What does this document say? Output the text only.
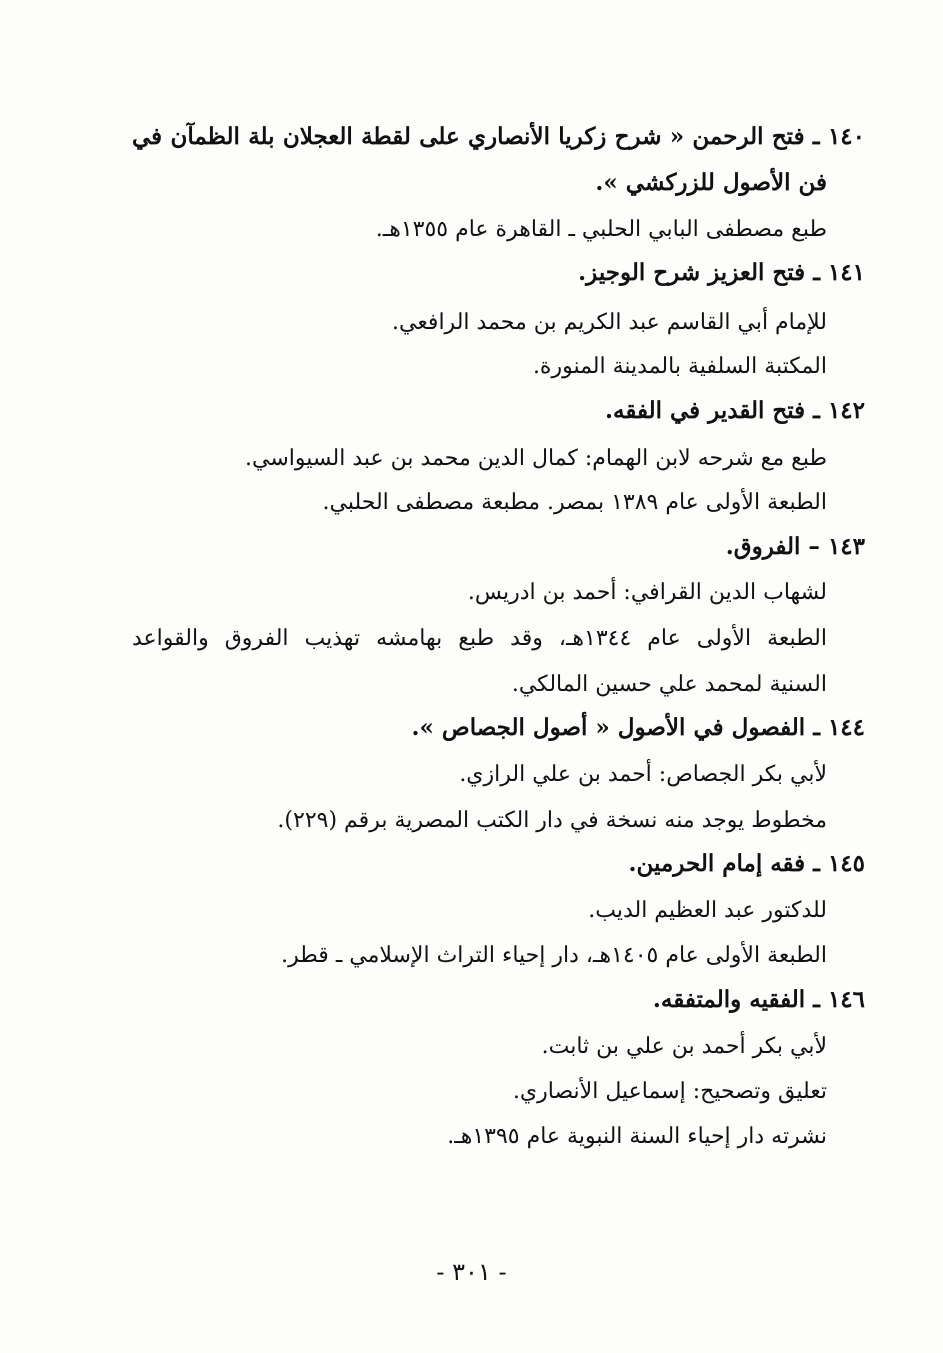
١٤٠ ـ فتح الرحمن « شرح زكريا الأنصاري على لقطة العجلان بلة الظمآن في
فن الأصول للزركشي ».
طبع مصطفى البابي الحلبي ـ القاهرة عام ١٣٥٥هـ.
١٤١ ـ فتح العزيز شرح الوجيز.
للإمام أبي القاسم عبد الكريم بن محمد الرافعي.
المكتبة السلفية بالمدينة المنورة.
١٤٢ ـ فتح القدير في الفقه.
طبع مع شرحه لابن الهمام: كمال الدين محمد بن عبد السيواسي.
الطبعة الأولى عام ١٣٨٩ بمصر. مطبعة مصطفى الحلبي.
١٤٣ – الفروق.
لشهاب الدين القرافي: أحمد بن ادريس.
الطبعة الأولى عام ١٣٤٤هـ، وقد طبع بهامشه تهذيب الفروق والقواعد
السنية لمحمد علي حسين المالكي.
١٤٤ ـ الفصول في الأصول « أصول الجصاص ».
لأبي بكر الجصاص: أحمد بن علي الرازي.
مخطوط يوجد منه نسخة في دار الكتب المصرية برقم (٢٢٩).
١٤٥ ـ فقه إمام الحرمين.
للدكتور عبد العظيم الديب.
الطبعة الأولى عام ١٤٠٥هـ، دار إحياء التراث الإسلامي ـ قطر.
١٤٦ ـ الفقيه والمتفقه.
لأبي بكر أحمد بن علي بن ثابت.
تعليق وتصحيح: إسماعيل الأنصاري.
نشرته دار إحياء السنة النبوية عام ١٣٩٥هـ.
- ٣٠١ -
